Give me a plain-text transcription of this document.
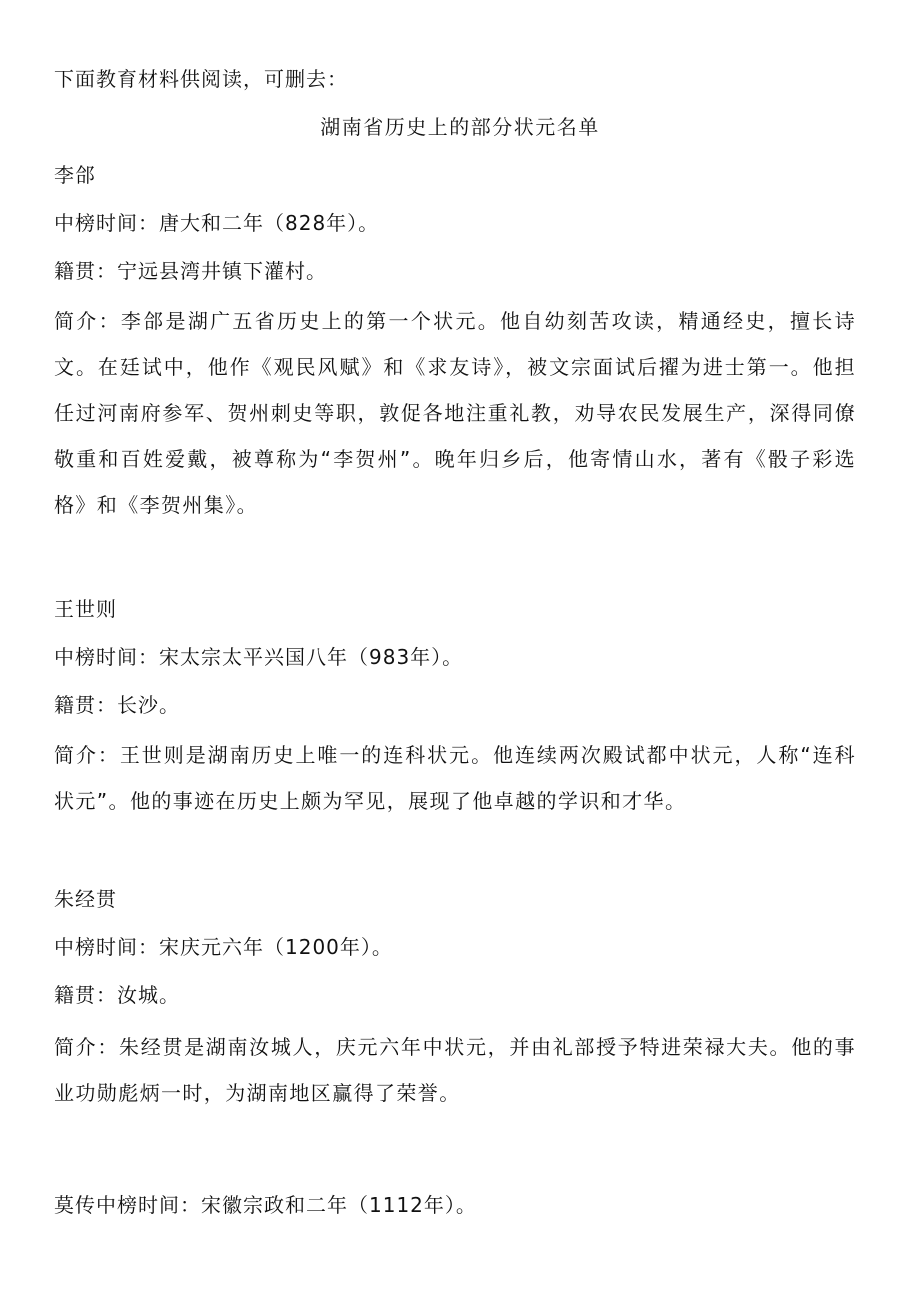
下面教育材料供阅读，可删去：
湖南省历史上的部分状元名单
李郃
中榜时间：唐大和二年（828年）。
籍贯：宁远县湾井镇下灌村。
简介：李郃是湖广五省历史上的第一个状元。他自幼刻苦攻读，精通经史，擅长诗文。在廷试中，他作《观民风赋》和《求友诗》，被文宗面试后擢为进士第一。他担任过河南府参军、贺州刺史等职，敦促各地注重礼教，劝导农民发展生产，深得同僚敬重和百姓爱戴，被尊称为“李贺州”。晚年归乡后，他寄情山水，著有《骰子彩选格》和《李贺州集》。
王世则
中榜时间：宋太宗太平兴国八年（983年）。
籍贯：长沙。
简介：王世则是湖南历史上唯一的连科状元。他连续两次殿试都中状元，人称“连科状元”。他的事迹在历史上颇为罕见，展现了他卓越的学识和才华。
朱经贯
中榜时间：宋庆元六年（1200年）。
籍贯：汝城。
简介：朱经贯是湖南汝城人，庆元六年中状元，并由礼部授予特进荣禄大夫。他的事业功勋彪炳一时，为湖南地区赢得了荣誉。
莫传中榜时间：宋徽宗政和二年（1112年）。
